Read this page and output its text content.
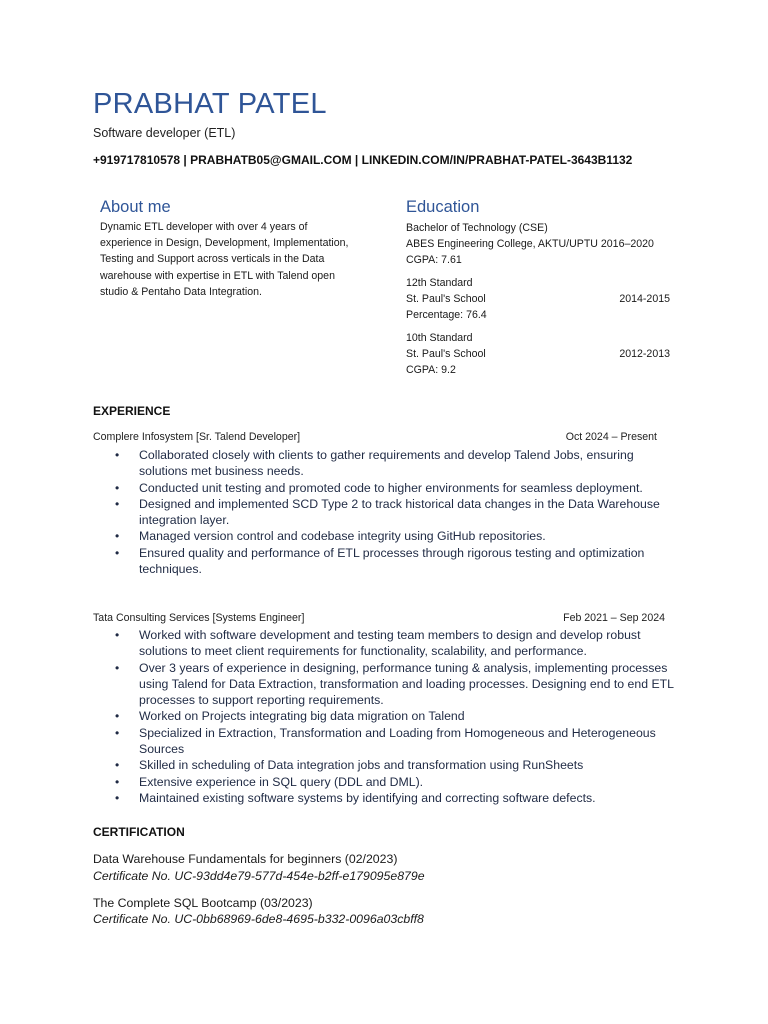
PRABHAT PATEL
Software developer (ETL)
+919717810578 | PRABHATB05@GMAIL.COM | LINKEDIN.COM/IN/PRABHAT-PATEL-3643B1132
About me
Dynamic ETL developer with over 4 years of experience in Design, Development, Implementation, Testing and Support across verticals in the Data warehouse with expertise in ETL with Talend open studio & Pentaho Data Integration.
Education
Bachelor of Technology (CSE)
ABES Engineering College, AKTU/UPTU 2016–2020
CGPA: 7.61
12th Standard
St. Paul's School	2014-2015
Percentage: 76.4
10th Standard
St. Paul's School	2012-2013
CGPA: 9.2
EXPERIENCE
Complere Infosystem [Sr. Talend Developer]	Oct 2024 – Present
• Collaborated closely with clients to gather requirements and develop Talend Jobs, ensuring solutions met business needs.
• Conducted unit testing and promoted code to higher environments for seamless deployment.
• Designed and implemented SCD Type 2 to track historical data changes in the Data Warehouse integration layer.
• Managed version control and codebase integrity using GitHub repositories.
• Ensured quality and performance of ETL processes through rigorous testing and optimization techniques.
Tata Consulting Services [Systems Engineer]	Feb 2021 – Sep 2024
• Worked with software development and testing team members to design and develop robust solutions to meet client requirements for functionality, scalability, and performance.
• Over 3 years of experience in designing, performance tuning & analysis, implementing processes using Talend for Data Extraction, transformation and loading processes. Designing end to end ETL processes to support reporting requirements.
• Worked on Projects integrating big data migration on Talend
• Specialized in Extraction, Transformation and Loading from Homogeneous and Heterogeneous Sources
• Skilled in scheduling of Data integration jobs and transformation using RunSheets
• Extensive experience in SQL query (DDL and DML).
• Maintained existing software systems by identifying and correcting software defects.
CERTIFICATION
Data Warehouse Fundamentals for beginners (02/2023)
Certificate No. UC-93dd4e79-577d-454e-b2ff-e179095e879e
The Complete SQL Bootcamp (03/2023)
Certificate No. UC-0bb68969-6de8-4695-b332-0096a03cbff8
